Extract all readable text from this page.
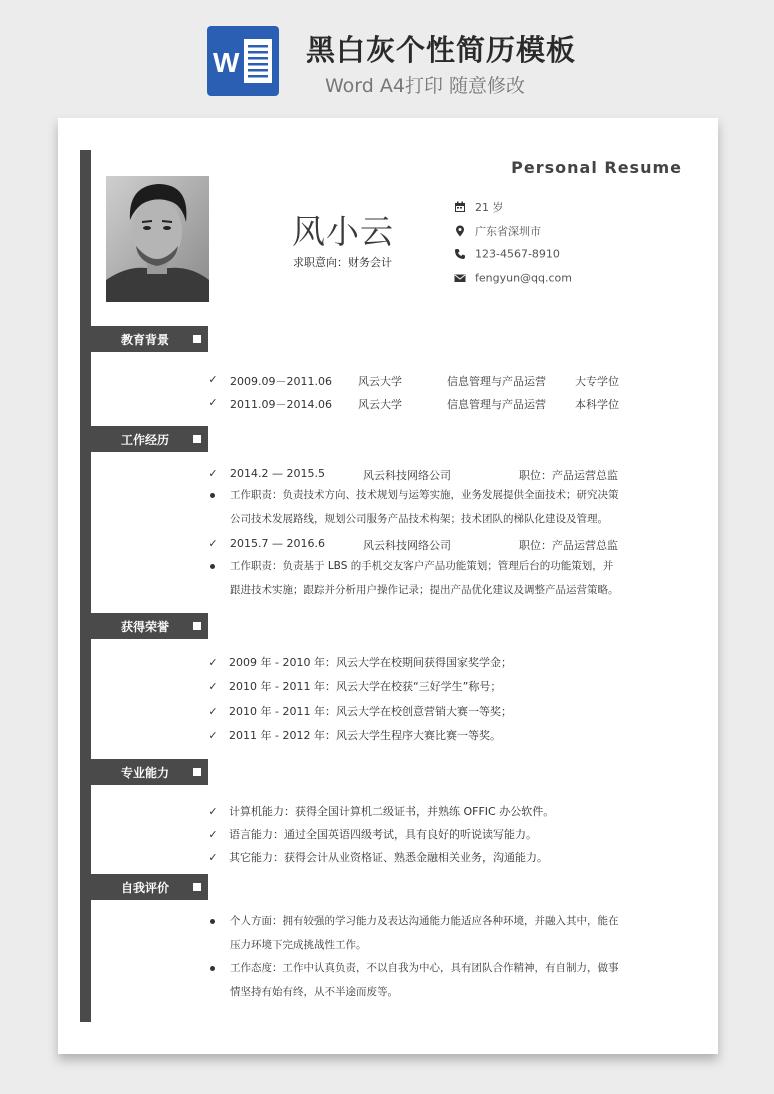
W 黑白灰个性简历模板
Word A4打印 随意修改
Personal Resume
风小云
求职意向：财务会计
21 岁
广东省深圳市
123-4567-8910
fengyun@qq.com
教育背景
✓ 2009.09－2011.06 风云大学	信息管理与产品运营	大专学位
✓ 2011.09－2014.06 风云大学	信息管理与产品运营	本科学位
工作经历
✓ 2014.2 — 2015.5	风云科技网络公司	职位：产品运营总监
工作职责：负责技术方向、技术规划与运筹实施，业务发展提供全面技术；研究决策公司技术发展路线，规划公司服务产品技术构架；技术团队的梯队化建设及管理。
✓ 2015.7 — 2016.6	风云科技网络公司	职位：产品运营总监
工作职责：负责基于 LBS 的手机交友客户产品功能策划；管理后台的功能策划，并跟进技术实施；跟踪并分析用户操作记录；提出产品优化建议及调整产品运营策略。
获得荣誉
✓ 2009 年 - 2010 年：风云大学在校期间获得国家奖学金；
✓ 2010 年 - 2011 年：风云大学在校获“三好学生”称号；
✓ 2010 年 - 2011 年：风云大学在校创意营销大赛一等奖；
✓ 2011 年 - 2012 年：风云大学生程序大赛比赛一等奖。
专业能力
✓ 计算机能力：获得全国计算机二级证书，并熟练 OFFIC 办公软件。
✓ 语言能力：通过全国英语四级考试，具有良好的听说读写能力。
✓ 其它能力：获得会计从业资格证、熟悉金融相关业务，沟通能力。
自我评价
个人方面：拥有较强的学习能力及表达沟通能力能适应各种环境，并融入其中，能在压力环境下完成挑战性工作。
工作态度：工作中认真负责，不以自我为中心，具有团队合作精神，有自制力，做事情坚持有始有终，从不半途而废等。
